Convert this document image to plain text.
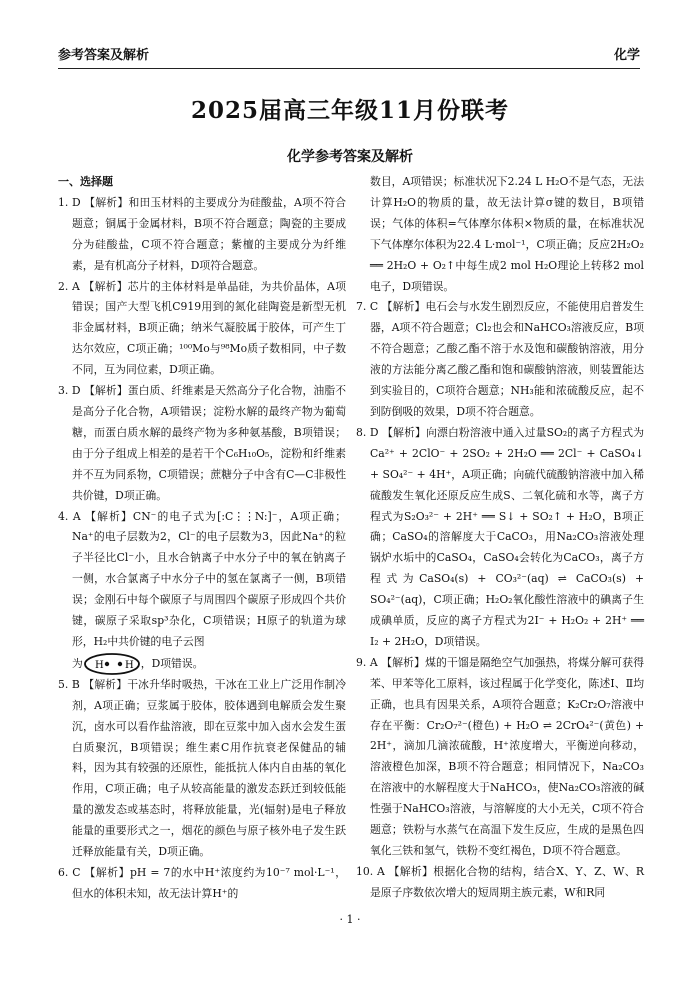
参考答案及解析	化学
2025届高三年级11月份联考
化学参考答案及解析

一、选择题

1. D 【解析】和田玉材料的主要成分为硅酸盐，A项不符合题意；铜属于金属材料，B项不符合题意；陶瓷的主要成分为硅酸盐，C项不符合题意；紫檀的主要成分为纤维素，是有机高分子材料，D项符合题意。

2. A 【解析】芯片的主体材料是单晶硅，为共价晶体，A项错误；国产大型飞机C919用到的氮化硅陶瓷是新型无机非金属材料，B项正确；纳米气凝胶属于胶体，可产生丁达尔效应，C项正确；¹⁰⁰Mo与⁹⁸Mo质子数相同，中子数不同，互为同位素，D项正确。

3. D 【解析】蛋白质、纤维素是天然高分子化合物，油脂不是高分子化合物，A项错误；淀粉水解的最终产物为葡萄糖，而蛋白质水解的最终产物为多种氨基酸，B项错误；由于分子组成上相差的是若干个C₆H₁₀O₅，淀粉和纤维素并不互为同系物，C项错误；蔗糖分子中含有C—C非极性共价键，D项正确。

4. A 【解析】CN⁻的电子式为[:C⋮⋮N:]⁻，A项正确；Na⁺的电子层数为2，Cl⁻的电子层数为3，因此Na⁺的粒子半径比Cl⁻小，且水合钠离子中水分子中的氧在钠离子一侧，水合氯离子中水分子中的氢在氯离子一侧，B项错误；金刚石中每个碳原子与周围四个碳原子形成四个共价键，碳原子采取sp³杂化，C项错误；H原子的轨道为球形，H₂中共价键的电子云图

为 H H ，D项错误。

5. B 【解析】干冰升华时吸热，干冰在工业上广泛用作制冷剂，A项正确；豆浆属于胶体，胶体遇到电解质会发生聚沉，卤水可以看作盐溶液，即在豆浆中加入卤水会发生蛋白质聚沉，B项错误；维生素C用作抗衰老保健品的辅料，因为其有较强的还原性，能抵抗人体内自由基的氧化作用，C项正确；电子从较高能量的激发态跃迁到较低能量的激发态或基态时，将释放能量，光(辐射)是电子释放能量的重要形式之一，烟花的颜色与原子核外电子发生跃迁释放能量有关，D项正确。

6. C 【解析】pH = 7的水中H⁺浓度约为10⁻⁷ mol·L⁻¹，但水的体积未知，故无法计算H⁺的

数目，A项错误；标准状况下2.24 L H₂O不是气态，无法计算H₂O的物质的量，故无法计算σ键的数目，B项错误；气体的体积=气体摩尔体积×物质的量，在标准状况下气体摩尔体积为22.4 L·mol⁻¹，C项正确；反应2H₂O₂ ══ 2H₂O + O₂↑中每生成2 mol H₂O理论上转移2 mol电子，D项错误。

7. C 【解析】电石会与水发生剧烈反应，不能使用启普发生器，A项不符合题意；Cl₂也会和NaHCO₃溶液反应，B项不符合题意；乙酸乙酯不溶于水及饱和碳酸钠溶液，用分液的方法能分离乙酸乙酯和饱和碳酸钠溶液，则装置能达到实验目的，C项符合题意；NH₃能和浓硫酸反应，起不到防倒吸的效果，D项不符合题意。

8. D 【解析】向漂白粉溶液中通入过量SO₂的离子方程式为Ca²⁺ + 2ClO⁻ + 2SO₂ + 2H₂O ══ 2Cl⁻ + CaSO₄↓ + SO₄²⁻ + 4H⁺，A项正确；向硫代硫酸钠溶液中加入稀硫酸发生氧化还原反应生成S、二氧化硫和水等，离子方程式为S₂O₃²⁻ + 2H⁺ ══ S↓ + SO₂↑ + H₂O，B项正确；CaSO₄的溶解度大于CaCO₃，用Na₂CO₃溶液处理锅炉水垢中的CaSO₄，CaSO₄会转化为CaCO₃，离子方程式为CaSO₄(s) + CO₃²⁻(aq) ⇌ CaCO₃(s) + SO₄²⁻(aq)，C项正确；H₂O₂氧化酸性溶液中的碘离子生成碘单质，反应的离子方程式为2I⁻ + H₂O₂ + 2H⁺ ══ I₂ + 2H₂O，D项错误。

9. A 【解析】煤的干馏是隔绝空气加强热，将煤分解可获得苯、甲苯等化工原料，该过程属于化学变化，陈述Ⅰ、Ⅱ均正确，也具有因果关系，A项符合题意；K₂Cr₂O₇溶液中存在平衡：Cr₂O₇²⁻(橙色) + H₂O ⇌ 2CrO₄²⁻(黄色) + 2H⁺，滴加几滴浓硫酸，H⁺浓度增大，平衡逆向移动，溶液橙色加深，B项不符合题意；相同情况下，Na₂CO₃在溶液中的水解程度大于NaHCO₃，使Na₂CO₃溶液的碱性强于NaHCO₃溶液，与溶解度的大小无关，C项不符合题意；铁粉与水蒸气在高温下发生反应，生成的是黑色四氧化三铁和氢气，铁粉不变红褐色，D项不符合题意。

10. A 【解析】根据化合物的结构，结合X、Y、Z、W、R是原子序数依次增大的短周期主族元素，W和R同

· 1 ·
